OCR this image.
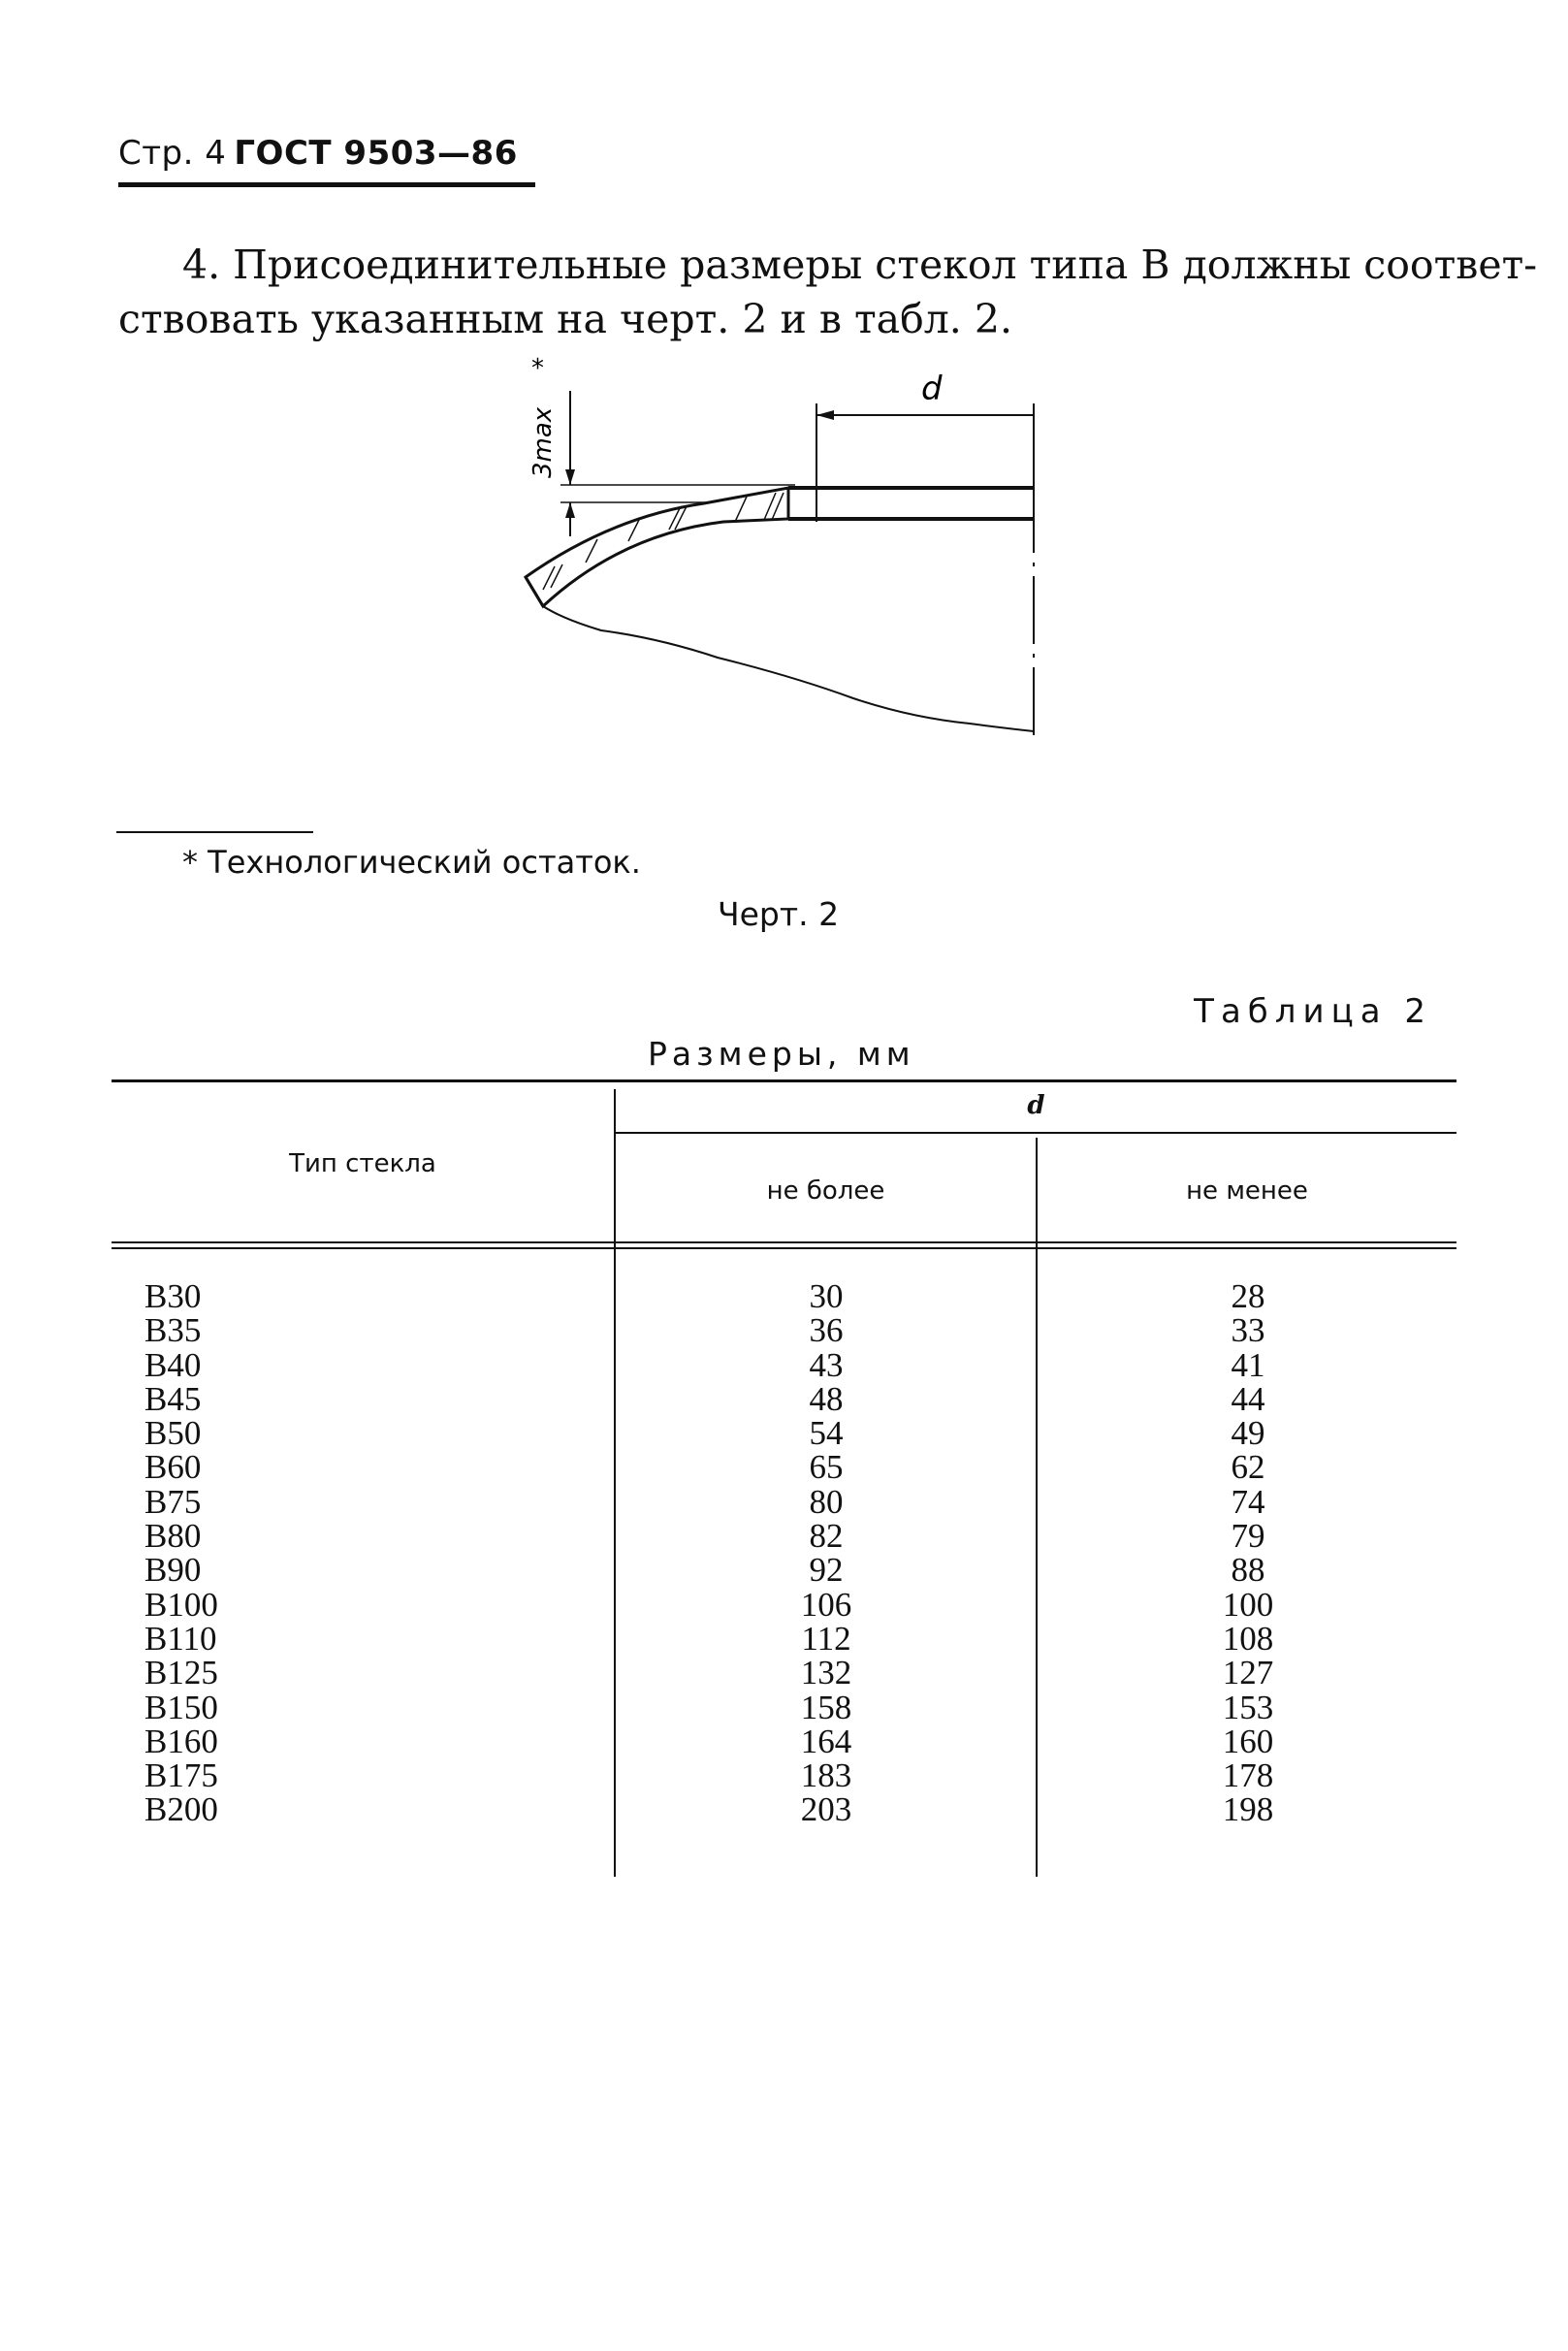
Стр. 4 ГОСТ 9503—86
4. Присоединительные размеры стекол типа В должны соответ-
ствовать указанным на черт. 2 и в табл. 2.
*
3max
d
* Технологический остаток.
Черт. 2
Таблица 2
Размеры, мм
Тип стекла
d
не более	не менее
B30
B35
B40
B45
B50
B60
B75
B80
B90
B100
B110
B125
B150
B160
B175
B200
30
36
43
48
54
65
80
82
92
106
112
132
158
164
183
203
28
33
41
44
49
62
74
79
88
100
108
127
153
160
178
198
